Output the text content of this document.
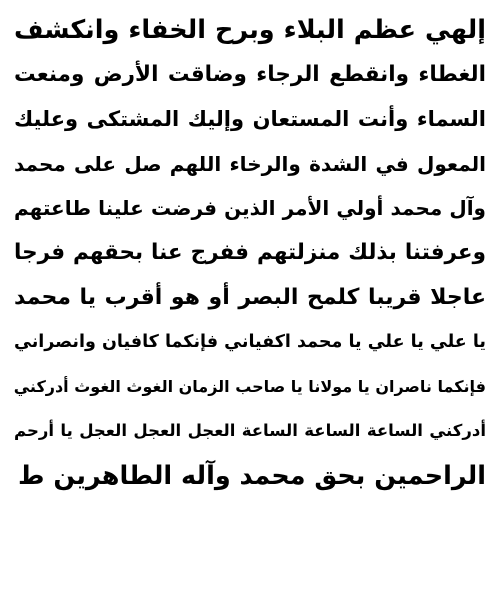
إلهي عظم البلاء وبرح الخفاء وانكشف
الغطاء وانقطع الرجاء وضاقت الأرض ومنعت
السماء وأنت المستعان وإليك المشتكى وعليك
المعول في الشدة والرخاء اللهم صل على محمد
وآل محمد أولي الأمر الذين فرضت علينا طاعتهم
وعرفتنا بذلك منزلتهم ففرج عنا بحقهم فرجا
عاجلا قريبا كلمح البصر أو هو أقرب يا محمد
يا علي يا علي يا محمد اكفياني فإنكما كافيان وانصراني
فإنكما ناصران يا مولانا يا صاحب الزمان الغوث الغوث أدركني
أدركني الساعة الساعة الساعة العجل العجل العجل يا أرحم
الراحمين بحق محمد وآله الطاهرين ط
